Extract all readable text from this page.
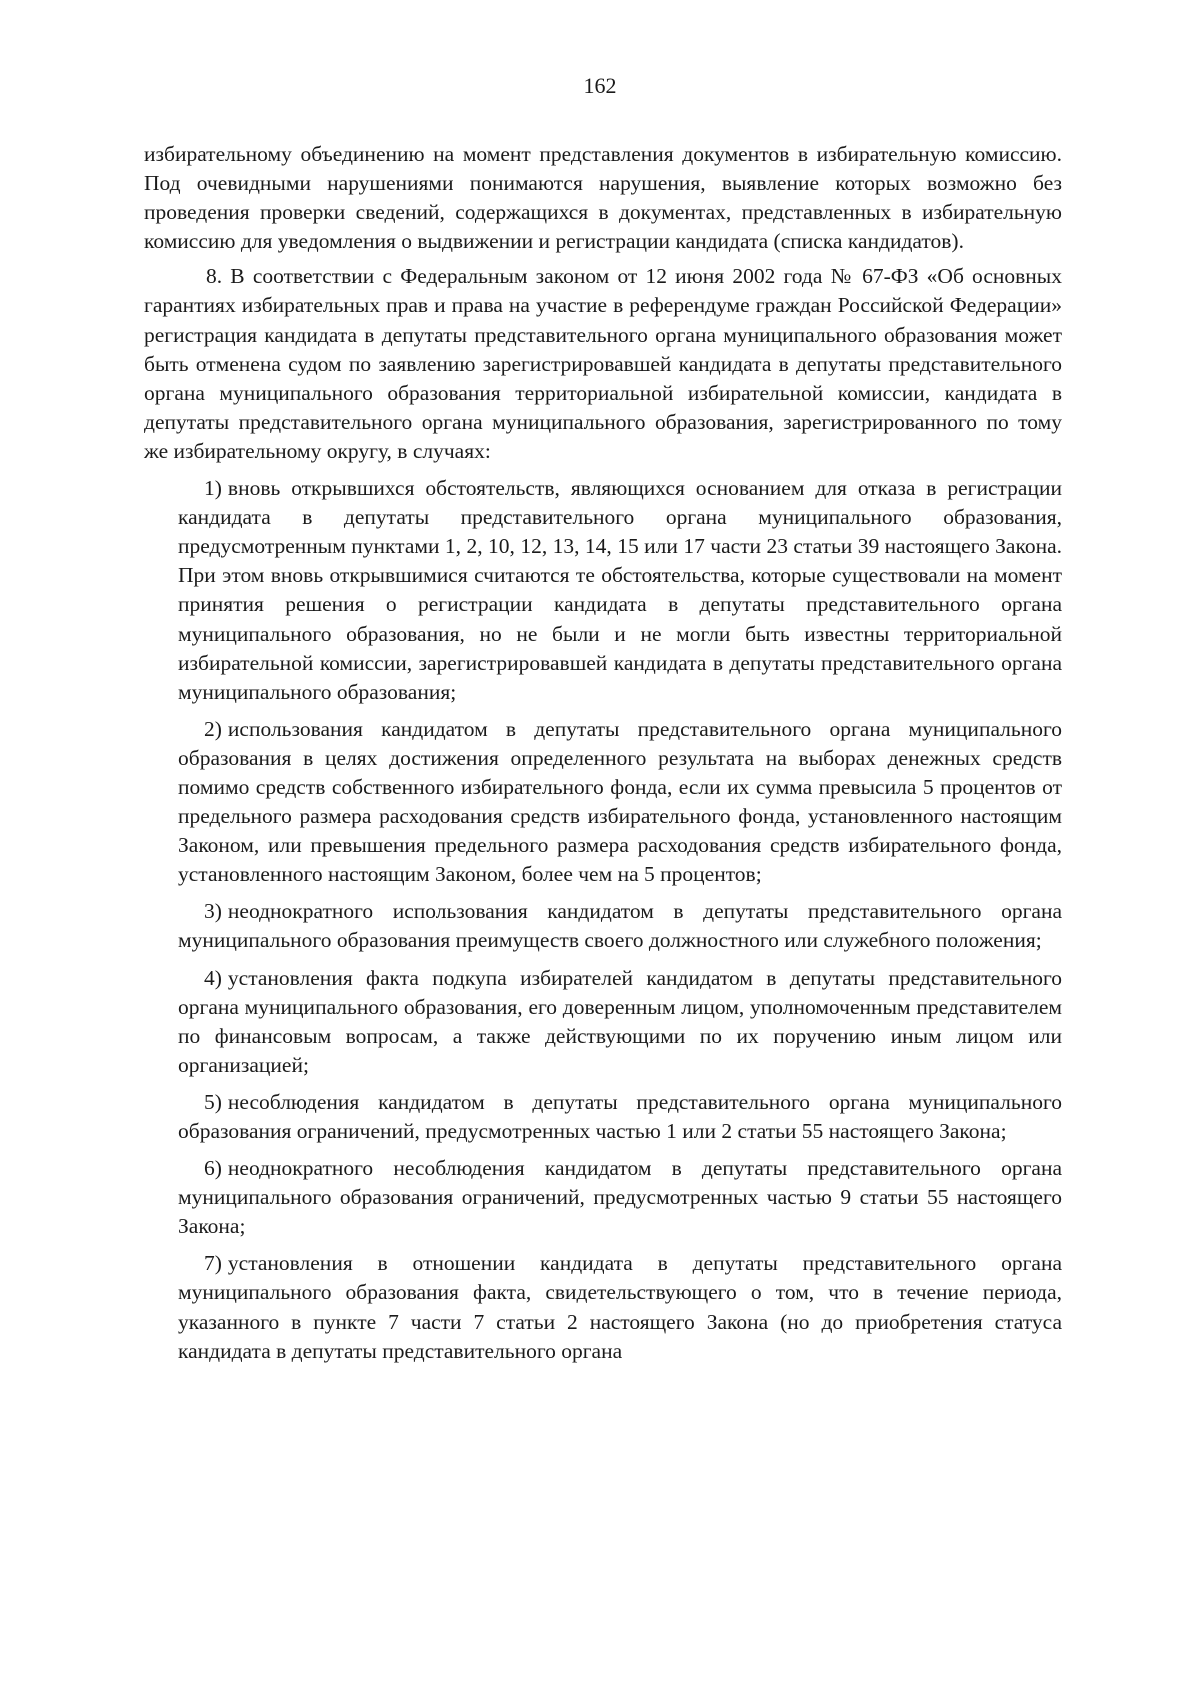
162

избирательному объединению на момент представления документов в избирательную комиссию. Под очевидными нарушениями понимаются нарушения, выявление которых возможно без проведения проверки сведений, содержащихся в документах, представленных в избирательную комиссию для уведомления о выдвижении и регистрации кандидата (списка кандидатов).

8. В соответствии с Федеральным законом от 12 июня 2002 года № 67-ФЗ «Об основных гарантиях избирательных прав и права на участие в референдуме граждан Российской Федерации» регистрация кандидата в депутаты представительного органа муниципального образования может быть отменена судом по заявлению зарегистрировавшей кандидата в депутаты представительного органа муниципального образования территориальной избирательной комиссии, кандидата в депутаты представительного органа муниципального образования, зарегистрированного по тому же избирательному округу, в случаях:

1) вновь открывшихся обстоятельств, являющихся основанием для отказа в регистрации кандидата в депутаты представительного органа муниципального образования, предусмотренным пунктами 1, 2, 10, 12, 13, 14, 15 или 17 части 23 статьи 39 настоящего Закона. При этом вновь открывшимися считаются те обстоятельства, которые существовали на момент принятия решения о регистрации кандидата в депутаты представительного органа муниципального образования, но не были и не могли быть известны территориальной избирательной комиссии, зарегистрировавшей кандидата в депутаты представительного органа муниципального образования;

2) использования кандидатом в депутаты представительного органа муниципального образования в целях достижения определенного результата на выборах денежных средств помимо средств собственного избирательного фонда, если их сумма превысила 5 процентов от предельного размера расходования средств избирательного фонда, установленного настоящим Законом, или превышения предельного размера расходования средств избирательного фонда, установленного настоящим Законом, более чем на 5 процентов;

3) неоднократного использования кандидатом в депутаты представительного органа муниципального образования преимуществ своего должностного или служебного положения;

4) установления факта подкупа избирателей кандидатом в депутаты представительного органа муниципального образования, его доверенным лицом, уполномоченным представителем по финансовым вопросам, а также действующими по их поручению иным лицом или организацией;

5) несоблюдения кандидатом в депутаты представительного органа муниципального образования ограничений, предусмотренных частью 1 или 2 статьи 55 настоящего Закона;

6) неоднократного несоблюдения кандидатом в депутаты представительного органа муниципального образования ограничений, предусмотренных частью 9 статьи 55 настоящего Закона;

7) установления в отношении кандидата в депутаты представительного органа муниципального образования факта, свидетельствующего о том, что в течение периода, указанного в пункте 7 части 7 статьи 2 настоящего Закона (но до приобретения статуса кандидата в депутаты представительного органа
